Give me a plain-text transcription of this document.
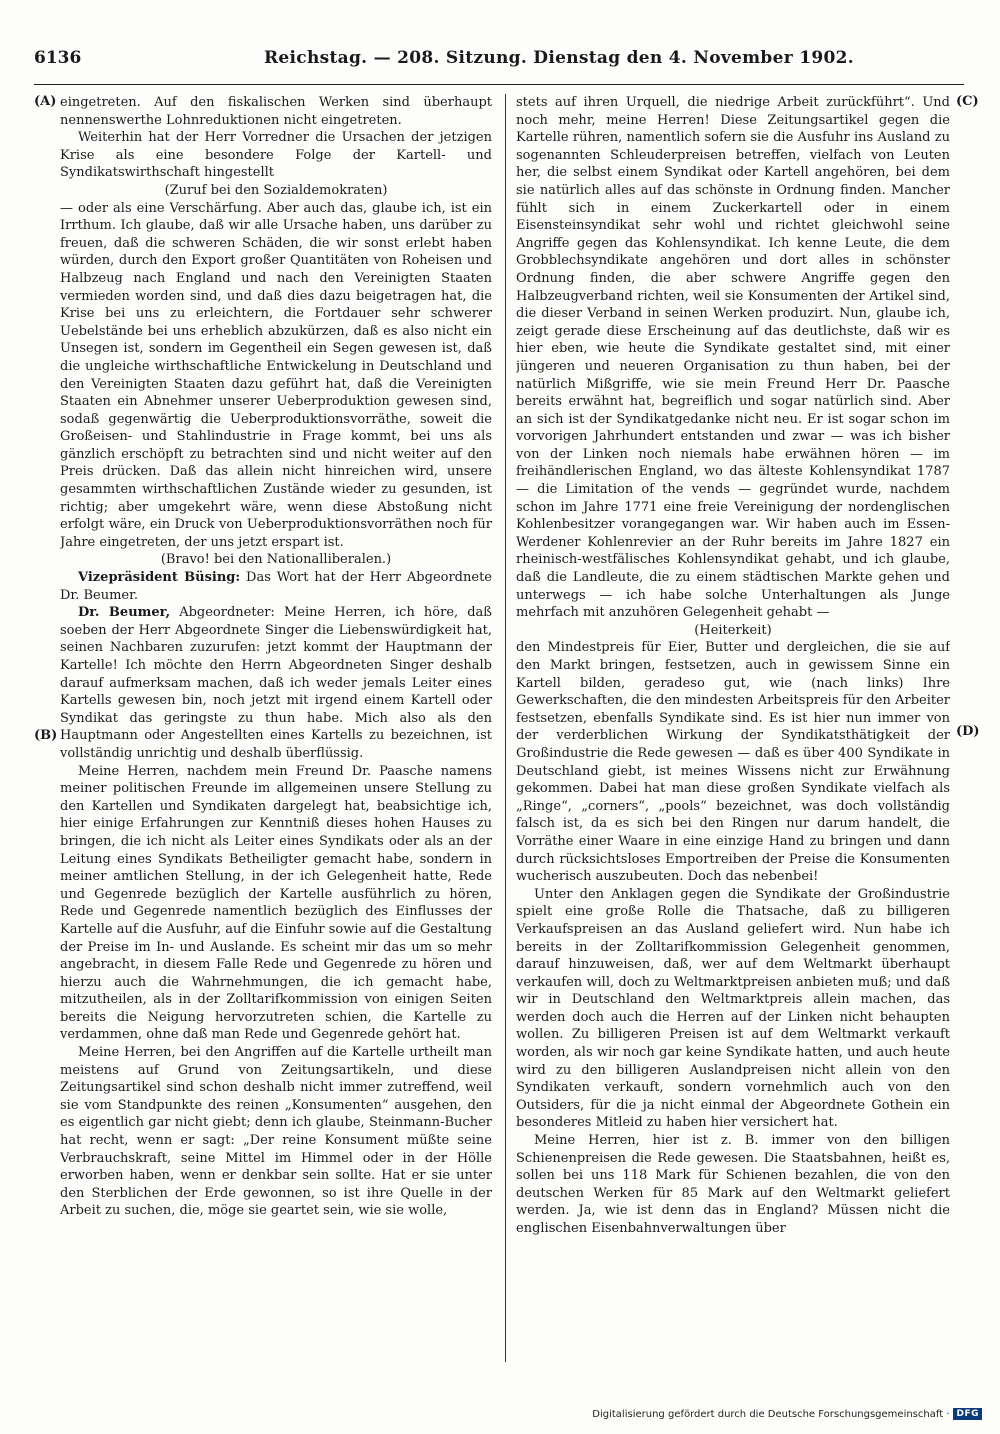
6136	Reichstag. — 208. Sitzung. Dienstag den 4. November 1902.
(A)
(B)
(C)
(D)

eingetreten. Auf den fiskalischen Werken sind überhaupt nennenswerthe Lohnreduktionen nicht eingetreten.

Weiterhin hat der Herr Vorredner die Ursachen der jetzigen Krise als eine besondere Folge der Kartell- und Syndikatswirthschaft hingestellt

(Zuruf bei den Sozialdemokraten)

— oder als eine Verschärfung. Aber auch das, glaube ich, ist ein Irrthum. Ich glaube, daß wir alle Ursache haben, uns darüber zu freuen, daß die schweren Schäden, die wir sonst erlebt haben würden, durch den Export großer Quantitäten von Roheisen und Halbzeug nach England und nach den Vereinigten Staaten vermieden worden sind, und daß dies dazu beigetragen hat, die Krise bei uns zu erleichtern, die Fortdauer sehr schwerer Uebelstände bei uns erheblich abzukürzen, daß es also nicht ein Unsegen ist, sondern im Gegentheil ein Segen gewesen ist, daß die ungleiche wirthschaftliche Entwickelung in Deutschland und den Vereinigten Staaten dazu geführt hat, daß die Vereinigten Staaten ein Abnehmer unserer Ueberproduktion gewesen sind, sodaß gegenwärtig die Ueberproduktionsvorräthe, soweit die Großeisen- und Stahlindustrie in Frage kommt, bei uns als gänzlich erschöpft zu betrachten sind und nicht weiter auf den Preis drücken. Daß das allein nicht hinreichen wird, unsere gesammten wirthschaftlichen Zustände wieder zu gesunden, ist richtig; aber umgekehrt wäre, wenn diese Abstoßung nicht erfolgt wäre, ein Druck von Ueberproduktionsvorräthen noch für Jahre eingetreten, der uns jetzt erspart ist.

(Bravo! bei den Nationalliberalen.)

Vizepräsident Büsing: Das Wort hat der Herr Abgeordnete Dr. Beumer.

Dr. Beumer, Abgeordneter: Meine Herren, ich höre, daß soeben der Herr Abgeordnete Singer die Liebenswürdigkeit hat, seinen Nachbaren zuzurufen: jetzt kommt der Hauptmann der Kartelle! Ich möchte den Herrn Abgeordneten Singer deshalb darauf aufmerksam machen, daß ich weder jemals Leiter eines Kartells gewesen bin, noch jetzt mit irgend einem Kartell oder Syndikat das geringste zu thun habe. Mich also als den Hauptmann oder Angestellten eines Kartells zu bezeichnen, ist vollständig unrichtig und deshalb überflüssig.

Meine Herren, nachdem mein Freund Dr. Paasche namens meiner politischen Freunde im allgemeinen unsere Stellung zu den Kartellen und Syndikaten dargelegt hat, beabsichtige ich, hier einige Erfahrungen zur Kenntniß dieses hohen Hauses zu bringen, die ich nicht als Leiter eines Syndikats oder als an der Leitung eines Syndikats Betheiligter gemacht habe, sondern in meiner amtlichen Stellung, in der ich Gelegenheit hatte, Rede und Gegenrede bezüglich der Kartelle ausführlich zu hören, Rede und Gegenrede namentlich bezüglich des Einflusses der Kartelle auf die Ausfuhr, auf die Einfuhr sowie auf die Gestaltung der Preise im In- und Auslande. Es scheint mir das um so mehr angebracht, in diesem Falle Rede und Gegenrede zu hören und hierzu auch die Wahrnehmungen, die ich gemacht habe, mitzutheilen, als in der Zolltarifkommission von einigen Seiten bereits die Neigung hervorzutreten schien, die Kartelle zu verdammen, ohne daß man Rede und Gegenrede gehört hat.

Meine Herren, bei den Angriffen auf die Kartelle urtheilt man meistens auf Grund von Zeitungsartikeln, und diese Zeitungsartikel sind schon deshalb nicht immer zutreffend, weil sie vom Standpunkte des reinen „Konsumenten“ ausgehen, den es eigentlich gar nicht giebt; denn ich glaube, Steinmann-Bucher hat recht, wenn er sagt: „Der reine Konsument müßte seine Verbrauchskraft, seine Mittel im Himmel oder in der Hölle erworben haben, wenn er denkbar sein sollte. Hat er sie unter den Sterblichen der Erde gewonnen, so ist ihre Quelle in der Arbeit zu suchen, die, möge sie geartet sein, wie sie wolle,

stets auf ihren Urquell, die niedrige Arbeit zurückführt“. Und noch mehr, meine Herren! Diese Zeitungsartikel gegen die Kartelle rühren, namentlich sofern sie die Ausfuhr ins Ausland zu sogenannten Schleuderpreisen betreffen, vielfach von Leuten her, die selbst einem Syndikat oder Kartell angehören, bei dem sie natürlich alles auf das schönste in Ordnung finden. Mancher fühlt sich in einem Zuckerkartell oder in einem Eisensteinsyndikat sehr wohl und richtet gleichwohl seine Angriffe gegen das Kohlensyndikat. Ich kenne Leute, die dem Grobblechsyndikate angehören und dort alles in schönster Ordnung finden, die aber schwere Angriffe gegen den Halbzeugverband richten, weil sie Konsumenten der Artikel sind, die dieser Verband in seinen Werken produzirt. Nun, glaube ich, zeigt gerade diese Erscheinung auf das deutlichste, daß wir es hier eben, wie heute die Syndikate gestaltet sind, mit einer jüngeren und neueren Organisation zu thun haben, bei der natürlich Mißgriffe, wie sie mein Freund Herr Dr. Paasche bereits erwähnt hat, begreiflich und sogar natürlich sind. Aber an sich ist der Syndikatgedanke nicht neu. Er ist sogar schon im vorvorigen Jahrhundert entstanden und zwar — was ich bisher von der Linken noch niemals habe erwähnen hören — im freihändlerischen England, wo das älteste Kohlensyndikat 1787 — die Limitation of the vends — gegründet wurde, nachdem schon im Jahre 1771 eine freie Vereinigung der nordenglischen Kohlenbesitzer vorangegangen war. Wir haben auch im Essen-Werdener Kohlenrevier an der Ruhr bereits im Jahre 1827 ein rheinisch-westfälisches Kohlensyndikat gehabt, und ich glaube, daß die Landleute, die zu einem städtischen Markte gehen und unterwegs — ich habe solche Unterhaltungen als Junge mehrfach mit anzuhören Gelegenheit gehabt —

(Heiterkeit)

den Mindestpreis für Eier, Butter und dergleichen, die sie auf den Markt bringen, festsetzen, auch in gewissem Sinne ein Kartell bilden, geradeso gut, wie (nach links) Ihre Gewerkschaften, die den mindesten Arbeitspreis für den Arbeiter festsetzen, ebenfalls Syndikate sind. Es ist hier nun immer von der verderblichen Wirkung der Syndikatsthätigkeit der Großindustrie die Rede gewesen — daß es über 400 Syndikate in Deutschland giebt, ist meines Wissens nicht zur Erwähnung gekommen. Dabei hat man diese großen Syndikate vielfach als „Ringe“, „corners“, „pools“ bezeichnet, was doch vollständig falsch ist, da es sich bei den Ringen nur darum handelt, die Vorräthe einer Waare in eine einzige Hand zu bringen und dann durch rücksichtsloses Emportreiben der Preise die Konsumenten wucherisch auszubeuten. Doch das nebenbei!

Unter den Anklagen gegen die Syndikate der Großindustrie spielt eine große Rolle die Thatsache, daß zu billigeren Verkaufspreisen an das Ausland geliefert wird. Nun habe ich bereits in der Zolltarifkommission Gelegenheit genommen, darauf hinzuweisen, daß, wer auf dem Weltmarkt überhaupt verkaufen will, doch zu Weltmarktpreisen anbieten muß; und daß wir in Deutschland den Weltmarktpreis allein machen, das werden doch auch die Herren auf der Linken nicht behaupten wollen. Zu billigeren Preisen ist auf dem Weltmarkt verkauft worden, als wir noch gar keine Syndikate hatten, und auch heute wird zu den billigeren Auslandpreisen nicht allein von den Syndikaten verkauft, sondern vornehmlich auch von den Outsiders, für die ja nicht einmal der Abgeordnete Gothein ein besonderes Mitleid zu haben hier versichert hat.

Meine Herren, hier ist z. B. immer von den billigen Schienenpreisen die Rede gewesen. Die Staatsbahnen, heißt es, sollen bei uns 118 Mark für Schienen bezahlen, die von den deutschen Werken für 85 Mark auf den Weltmarkt geliefert werden. Ja, wie ist denn das in England? Müssen nicht die englischen Eisenbahnverwaltungen über

Digitalisierung gefördert durch die Deutsche Forschungsgemeinschaft · DFG
